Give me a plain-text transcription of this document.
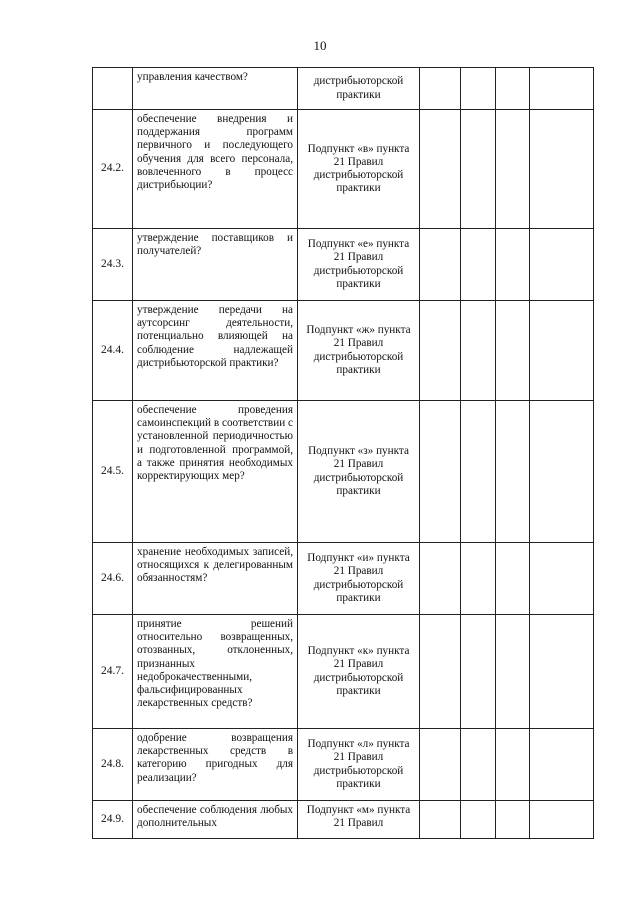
10
	управления качеством?	дистрибьюторской практики				
24.2.	обеспечение внедрения и поддержания программ первичного и последующего обучения для всего персонала, вовлеченного в процесс дистрибьюции?	Подпункт «в» пункта 21 Правил дистрибьюторской практики				
24.3.	утверждение поставщиков и получателей?	Подпункт «е» пункта 21 Правил дистрибьюторской практики				
24.4.	утверждение передачи на аутсорсинг деятельности, потенциально влияющей на соблюдение надлежащей дистрибьюторской практики?	Подпункт «ж» пункта 21 Правил дистрибьюторской практики				
24.5.	обеспечение проведения самоинспекций в соответствии с установленной периодичностью и подготовленной программой, а также принятия необходимых корректирующих мер?	Подпункт «з» пункта 21 Правил дистрибьюторской практики				
24.6.	хранение необходимых записей, относящихся к делегированным обязанностям?	Подпункт «и» пункта 21 Правил дистрибьюторской практики				
24.7.	принятие решений относительно возвращенных, отозванных, отклоненных, признанных недоброкачественными, фальсифицированных лекарственных средств?	Подпункт «к» пункта 21 Правил дистрибьюторской практики				
24.8.	одобрение возвращения лекарственных средств в категорию пригодных для реализации?	Подпункт «л» пункта 21 Правил дистрибьюторской практики				
24.9.	обеспечение соблюдения любых дополнительных	Подпункт «м» пункта 21 Правил				
